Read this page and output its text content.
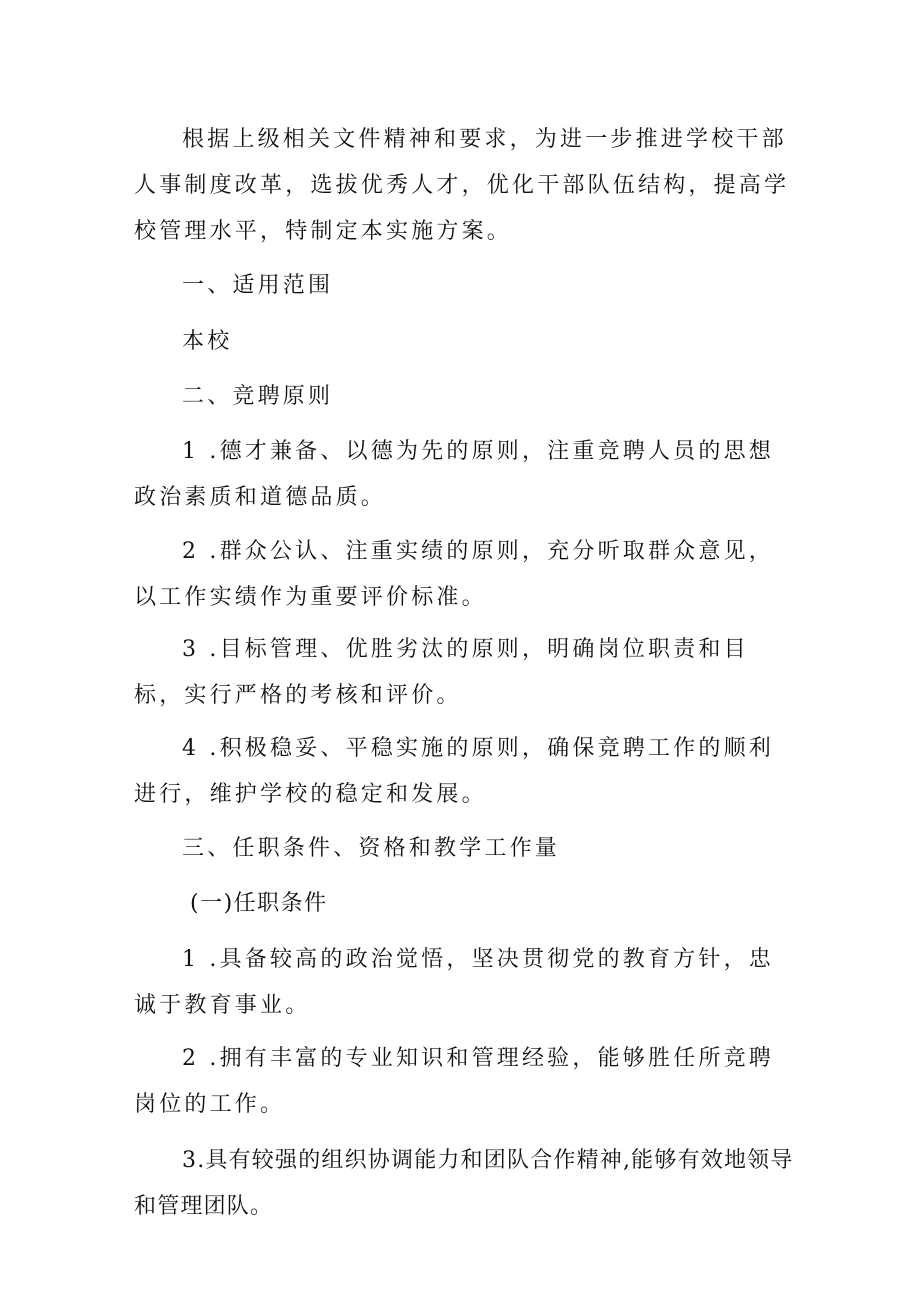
根据上级相关文件精神和要求，为进一步推进学校干部人事制度改革，选拔优秀人才，优化干部队伍结构，提高学校管理水平，特制定本实施方案。

一、适用范围

本校

二、竞聘原则

1 .德才兼备、以德为先的原则，注重竞聘人员的思想政治素质和道德品质。

2 .群众公认、注重实绩的原则，充分听取群众意见，以工作实绩作为重要评价标准。

3 .目标管理、优胜劣汰的原则，明确岗位职责和目标，实行严格的考核和评价。

4 .积极稳妥、平稳实施的原则，确保竞聘工作的顺利进行，维护学校的稳定和发展。

三、任职条件、资格和教学工作量

(一)任职条件

1 .具备较高的政治觉悟，坚决贯彻党的教育方针，忠诚于教育事业。

2 .拥有丰富的专业知识和管理经验，能够胜任所竞聘岗位的工作。

3.具有较强的组织协调能力和团队合作精神,能够有效地领导和管理团队。
